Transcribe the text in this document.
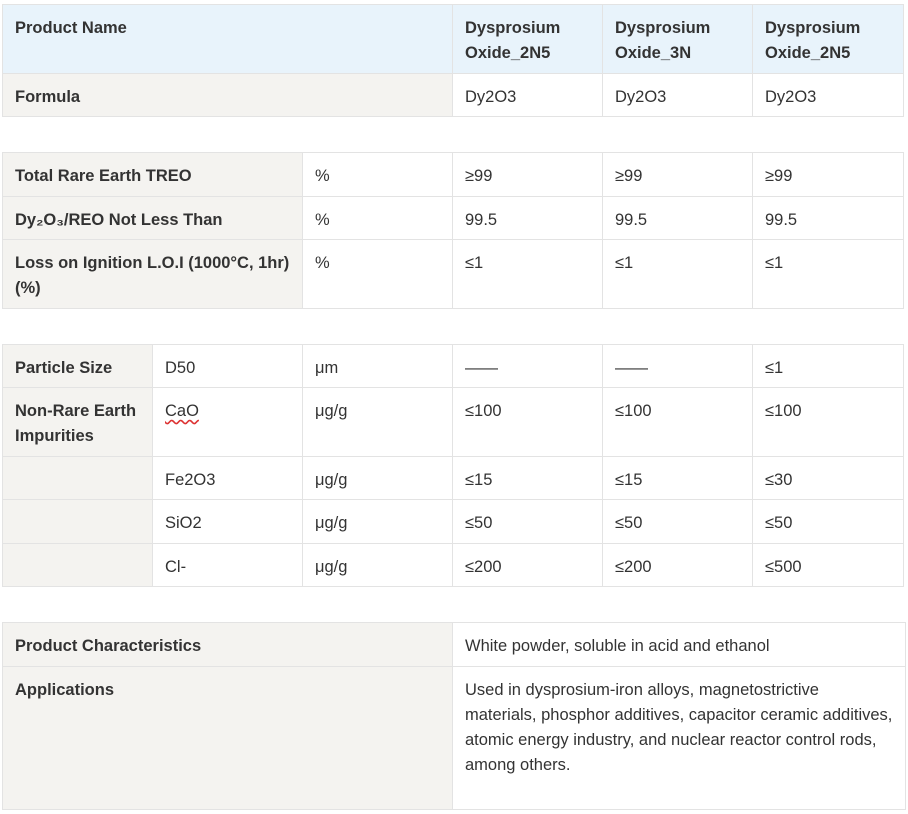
Product Name	Dysprosium Oxide_2N5	Dysprosium Oxide_3N	Dysprosium Oxide_2N5
Formula	Dy2O3	Dy2O3	Dy2O3
Total Rare Earth TREO	%	≥99	≥99	≥99
Dy₂O₃/REO Not Less Than	%	99.5	99.5	99.5
Loss on Ignition L.O.I (1000°C, 1hr) (%)	%	≤1	≤1	≤1
Particle Size	D50	μm	——	——	≤1
Non-Rare Earth Impurities	CaO	μg/g	≤100	≤100	≤100
	Fe2O3	μg/g	≤15	≤15	≤30
	SiO2	μg/g	≤50	≤50	≤50
	Cl-	μg/g	≤200	≤200	≤500
Product Characteristics	White powder, soluble in acid and ethanol
Applications	Used in dysprosium-iron alloys, magnetostrictive materials, phosphor additives, capacitor ceramic additives, atomic energy industry, and nuclear reactor control rods, among others.
